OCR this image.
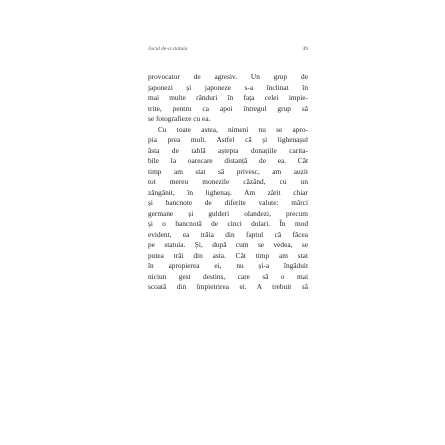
Jocul de-a statuia	49
provocator de agresiv. Un grup de
japonezi și japoneze s-a înclinat în
mai multe rânduri în fața celei impie-
trite, pentru ca apoi întregul grup să
se fotografieze cu ea.
Cu toate astea, nimeni nu se apro-
pia prea mult. Astfel că și lighenașul
ăsta de tablă aștepta donațiile carita-
bile la oarecare distanță de ea. Cât
timp am stat să privesc, am auzit
tot mereu monezile căzând, cu un
zăngănit, în lighenaș. Am zărit chiar
și bancnote de diferite valute: mărci
germane și gulderi olandezi, precum
și o bancnotă de cinci dolari. În mod
evident, ea trăia din faptul că făcea
pe statuia. Și, după cum se vedea, se
putea trăi din asta. Cât timp am stat
în apropierea ei, nu și-a îngăduit
niciun gest destins, care să o mai
scoată din împietrirea ei. A trebuit să
